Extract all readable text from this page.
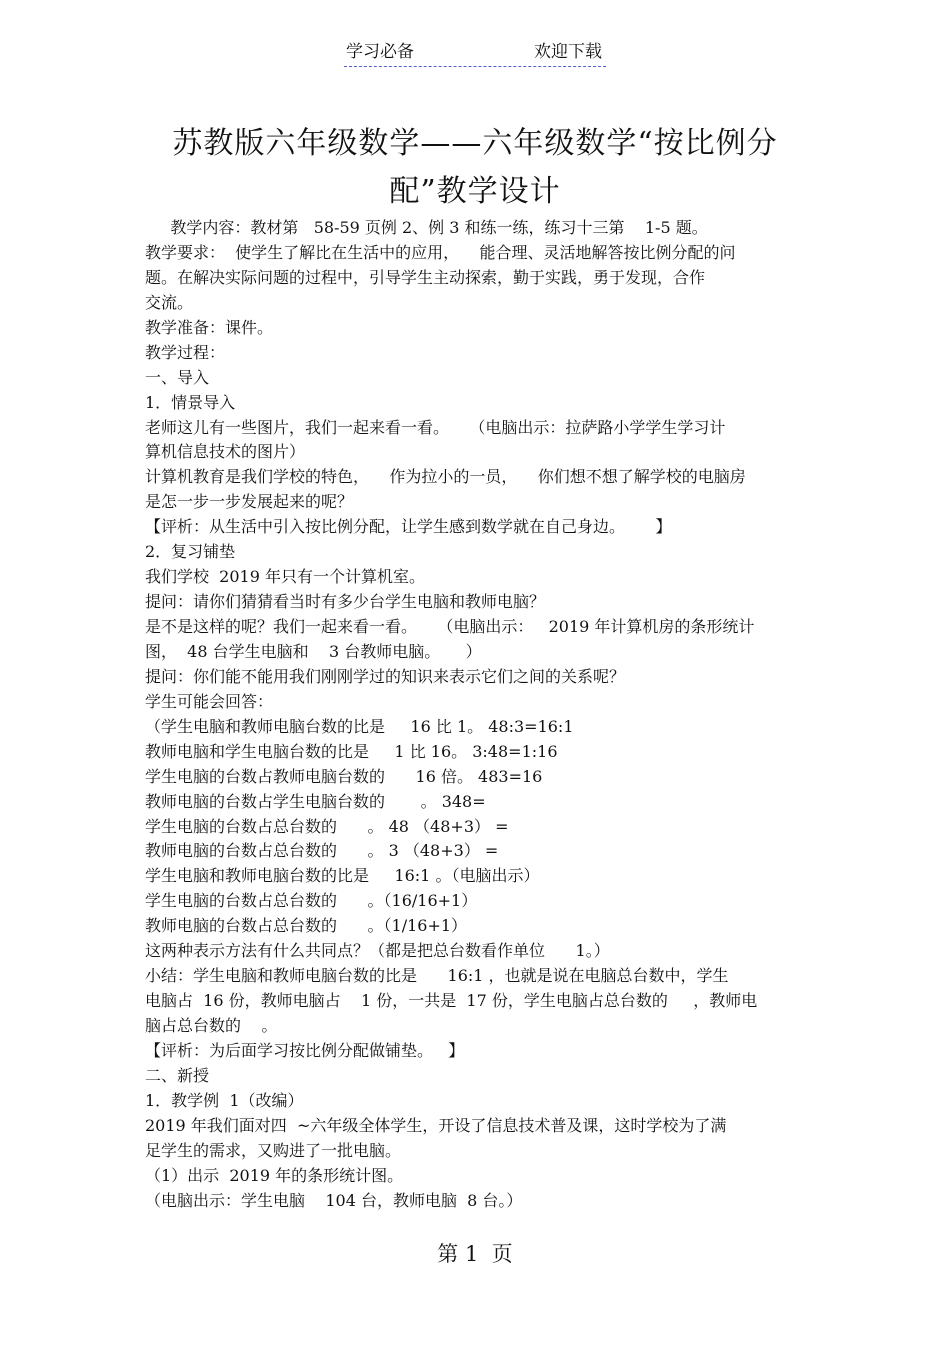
学习必备	欢迎下载
苏教版六年级数学——六年级数学“按比例分
配”教学设计
教学内容：教材第   58-59 页例 2、例 3 和练一练，练习十三第    1-5 题。
教学要求：  使学生了解比在生活中的应用，    能合理、灵活地解答按比例分配的问
题。在解决实际问题的过程中，引导学生主动探索，勤于实践，勇于发现，合作
交流。
教学准备：课件。
教学过程：
一、导入
1．情景导入
老师这儿有一些图片，我们一起来看一看。    （电脑出示：拉萨路小学学生学习计
算机信息技术的图片）
计算机教育是我们学校的特色，    作为拉小的一员，    你们想不想了解学校的电脑房
是怎一步一步发展起来的呢？
【评析：从生活中引入按比例分配，让学生感到数学就在自己身边。      】
2．复习铺垫
我们学校  2019 年只有一个计算机室。
提问：请你们猜猜看当时有多少台学生电脑和教师电脑？
是不是这样的呢？我们一起来看一看。    （电脑出示：   2019 年计算机房的条形统计
图，  48 台学生电脑和    3 台教师电脑。     ）
提问：你们能不能用我们刚刚学过的知识来表示它们之间的关系呢？
学生可能会回答：
（学生电脑和教师电脑台数的比是     16 比 1。 48:3=16:1
教师电脑和学生电脑台数的比是     1 比 16。 3:48=1:16
学生电脑的台数占教师电脑台数的      16 倍。 483=16
教师电脑的台数占学生电脑台数的       。 348=
学生电脑的台数占总台数的      。 48 （48+3） =
教师电脑的台数占总台数的      。 3 （48+3） =
学生电脑和教师电脑台数的比是     16:1 。（电脑出示）
学生电脑的台数占总台数的      。（16/16+1）
教师电脑的台数占总台数的      。（1/16+1）
这两种表示方法有什么共同点？（都是把总台数看作单位      1。）
小结：学生电脑和教师电脑台数的比是      16:1 ，也就是说在电脑总台数中，学生
电脑占  16 份，教师电脑占    1 份，一共是  17 份，学生电脑占总台数的     ，教师电
脑占总台数的    。
【评析：为后面学习按比例分配做铺垫。   】
二、新授
1．教学例  1（改编）
2019 年我们面对四  ~六年级全体学生，开设了信息技术普及课，这时学校为了满
足学生的需求，又购进了一批电脑。
（1）出示  2019 年的条形统计图。
（电脑出示：学生电脑    104 台，教师电脑  8 台。）
第 1  页
